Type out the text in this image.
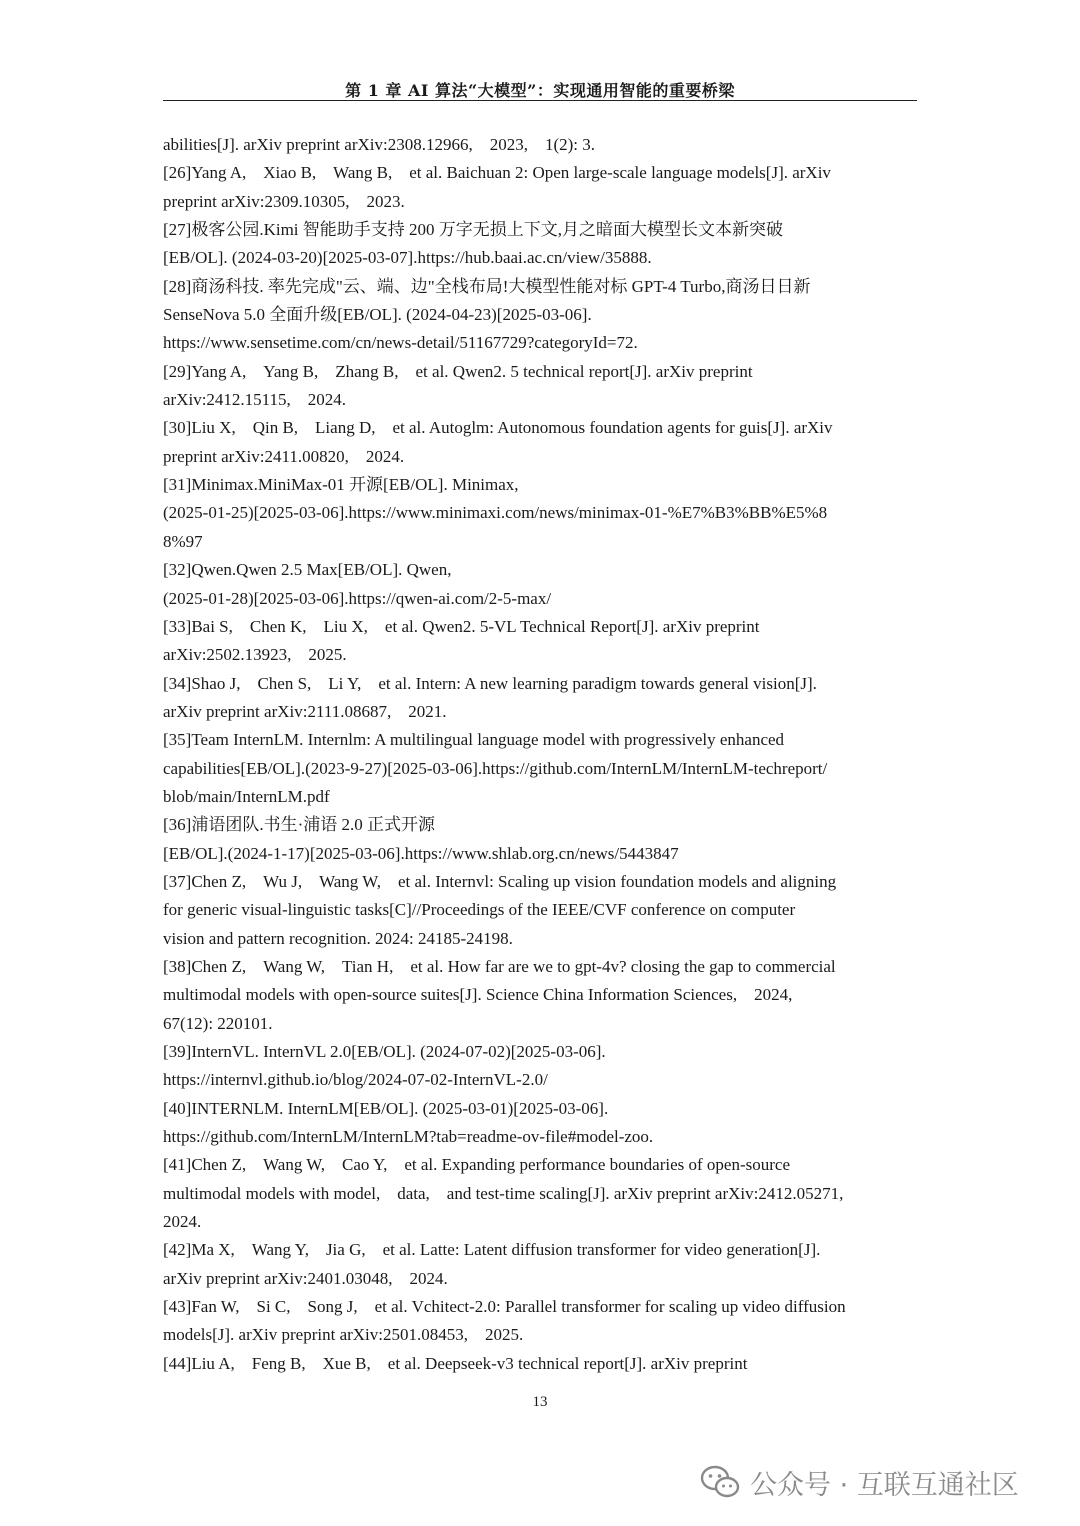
第 1 章 AI 算法“大模型”：实现通用智能的重要桥梁
abilities[J]. arXiv preprint arXiv:2308.12966,　2023,　1(2): 3.
[26]Yang A,　Xiao B,　Wang B,　et al. Baichuan 2: Open large-scale language models[J]. arXiv
preprint arXiv:2309.10305,　2023.
[27]极客公园.Kimi 智能助手支持 200 万字无损上下文,月之暗面大模型长文本新突破
[EB/OL]. (2024-03-20)[2025-03-07].https://hub.baai.ac.cn/view/35888.
[28]商汤科技. 率先完成"云、端、边"全栈布局!大模型性能对标 GPT-4 Turbo,商汤日日新
SenseNova 5.0 全面升级[EB/OL]. (2024-04-23)[2025-03-06].
https://www.sensetime.com/cn/news-detail/51167729?categoryId=72.
[29]Yang A,　Yang B,　Zhang B,　et al. Qwen2. 5 technical report[J]. arXiv preprint
arXiv:2412.15115,　2024.
[30]Liu X,　Qin B,　Liang D,　et al. Autoglm: Autonomous foundation agents for guis[J]. arXiv
preprint arXiv:2411.00820,　2024.
[31]Minimax.MiniMax-01 开源[EB/OL]. Minimax,
(2025-01-25)[2025-03-06].https://www.minimaxi.com/news/minimax-01-%E7%B3%BB%E5%8
8%97
[32]Qwen.Qwen 2.5 Max[EB/OL]. Qwen,
(2025-01-28)[2025-03-06].https://qwen-ai.com/2-5-max/
[33]Bai S,　Chen K,　Liu X,　et al. Qwen2. 5-VL Technical Report[J]. arXiv preprint
arXiv:2502.13923,　2025.
[34]Shao J,　Chen S,　Li Y,　et al. Intern: A new learning paradigm towards general vision[J].
arXiv preprint arXiv:2111.08687,　2021.
[35]Team InternLM. Internlm: A multilingual language model with progressively enhanced
capabilities[EB/OL].(2023-9-27)[2025-03-06].https://github.com/InternLM/InternLM-techreport/
blob/main/InternLM.pdf
[36]浦语团队.书生·浦语 2.0 正式开源
[EB/OL].(2024-1-17)[2025-03-06].https://www.shlab.org.cn/news/5443847
[37]Chen Z,　Wu J,　Wang W,　et al. Internvl: Scaling up vision foundation models and aligning
for generic visual-linguistic tasks[C]//Proceedings of the IEEE/CVF conference on computer
vision and pattern recognition. 2024: 24185-24198.
[38]Chen Z,　Wang W,　Tian H,　et al. How far are we to gpt-4v? closing the gap to commercial
multimodal models with open-source suites[J]. Science China Information Sciences,　2024,
67(12): 220101.
[39]InternVL. InternVL 2.0[EB/OL]. (2024-07-02)[2025-03-06].
https://internvl.github.io/blog/2024-07-02-InternVL-2.0/
[40]INTERNLM. InternLM[EB/OL]. (2025-03-01)[2025-03-06].
https://github.com/InternLM/InternLM?tab=readme-ov-file#model-zoo.
[41]Chen Z,　Wang W,　Cao Y,　et al. Expanding performance boundaries of open-source
multimodal models with model,　data,　and test-time scaling[J]. arXiv preprint arXiv:2412.05271,
2024.
[42]Ma X,　Wang Y,　Jia G,　et al. Latte: Latent diffusion transformer for video generation[J].
arXiv preprint arXiv:2401.03048,　2024.
[43]Fan W,　Si C,　Song J,　et al. Vchitect-2.0: Parallel transformer for scaling up video diffusion
models[J]. arXiv preprint arXiv:2501.08453,　2025.
[44]Liu A,　Feng B,　Xue B,　et al. Deepseek-v3 technical report[J]. arXiv preprint
13
公众号 · 互联互通社区
